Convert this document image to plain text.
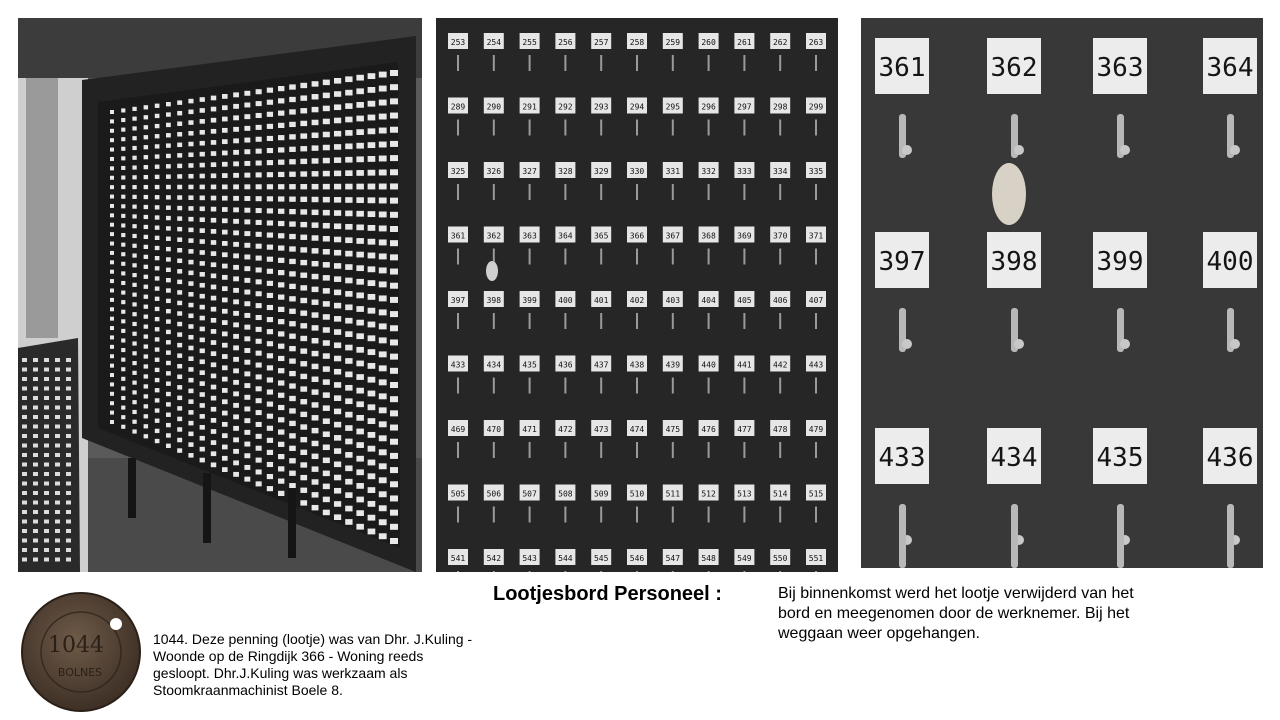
253	254	255	256	257	258	259	260	261	262	263
289	290	291	292	293	294	295	296	297	298	299
325	326	327	328	329	330	331	332	333	334	335
361	362	363	364	365	366	367	368	369	370	371
397	398	399	400	401	402	403	404	405	406	407
433	434	435	436	437	438	439	440	441	442	443
469	470	471	472	473	474	475	476	477	478	479
505	506	507	508	509	510	511	512	513	514	515
541	542	543	544	545	546	547	548	549	550	551
361	362 363 364
397	398 399 400
433	434 435 436
Lootjesbord Personeel :	Bij binnenkomst werd het lootje verwijderd van het bord en meegenomen door de werknemer. Bij het weggaan weer opgehangen.
1044
BOLNES
1044. Deze penning (lootje) was van Dhr. J.Kuling - Woonde op de Ringdijk 366 - Woning reeds gesloopt. Dhr.J.Kuling was werkzaam als Stoomkraanmachinist Boele 8.
